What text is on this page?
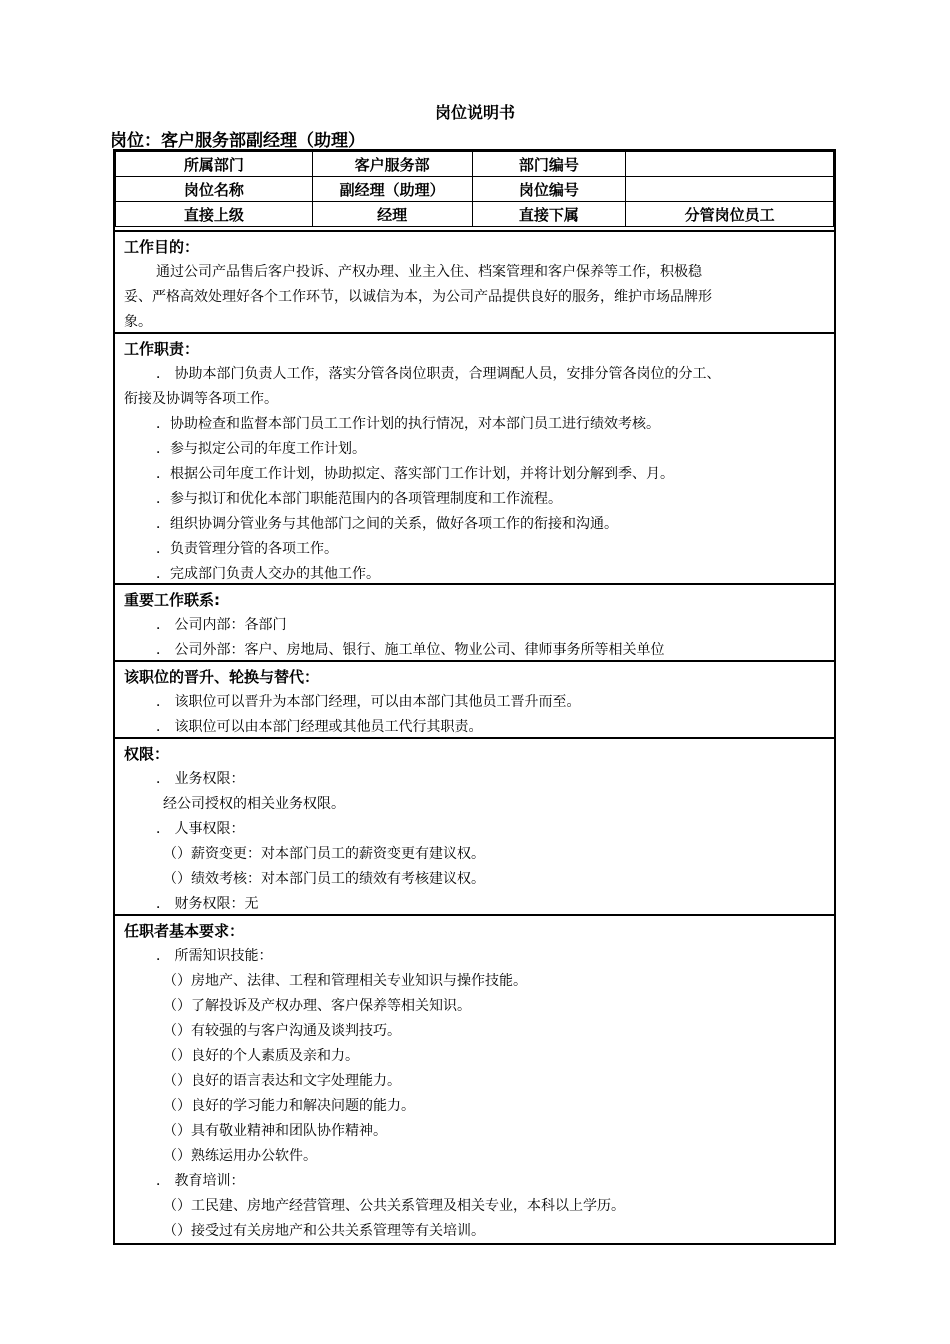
岗位说明书
岗位：客户服务部副经理（助理）
所属部门	客户服务部	部门编号	
岗位名称	副经理（助理）	岗位编号	
直接上级	经理	直接下属	分管岗位员工
工作目的：
通过公司产品售后客户投诉、产权办理、业主入住、档案管理和客户保养等工作，积极稳
妥、严格高效处理好各个工作环节，以诚信为本，为公司产品提供良好的服务，维护市场品牌形
象。
工作职责：
． 协助本部门负责人工作，落实分管各岗位职责，合理调配人员，安排分管各岗位的分工、
衔接及协调等各项工作。
．协助检查和监督本部门员工工作计划的执行情况，对本部门员工进行绩效考核。
．参与拟定公司的年度工作计划。
．根据公司年度工作计划，协助拟定、落实部门工作计划，并将计划分解到季、月。
．参与拟订和优化本部门职能范围内的各项管理制度和工作流程。
．组织协调分管业务与其他部门之间的关系，做好各项工作的衔接和沟通。
．负责管理分管的各项工作。
．完成部门负责人交办的其他工作。
重要工作联系:
． 公司内部：各部门
． 公司外部：客户、房地局、银行、施工单位、物业公司、律师事务所等相关单位
该职位的晋升、轮换与替代：
． 该职位可以晋升为本部门经理，可以由本部门其他员工晋升而至。
． 该职位可以由本部门经理或其他员工代行其职责。
权限：
． 业务权限：
经公司授权的相关业务权限。
． 人事权限：
（）薪资变更：对本部门员工的薪资变更有建议权。
（）绩效考核：对本部门员工的绩效有考核建议权。
． 财务权限：无
任职者基本要求：
． 所需知识技能：
（）房地产、法律、工程和管理相关专业知识与操作技能。
（）了解投诉及产权办理、客户保养等相关知识。
（）有较强的与客户沟通及谈判技巧。
（）良好的个人素质及亲和力。
（）良好的语言表达和文字处理能力。
（）良好的学习能力和解决问题的能力。
（）具有敬业精神和团队协作精神。
（）熟练运用办公软件。
． 教育培训：
（）工民建、房地产经营管理、公共关系管理及相关专业，本科以上学历。
（）接受过有关房地产和公共关系管理等有关培训。
